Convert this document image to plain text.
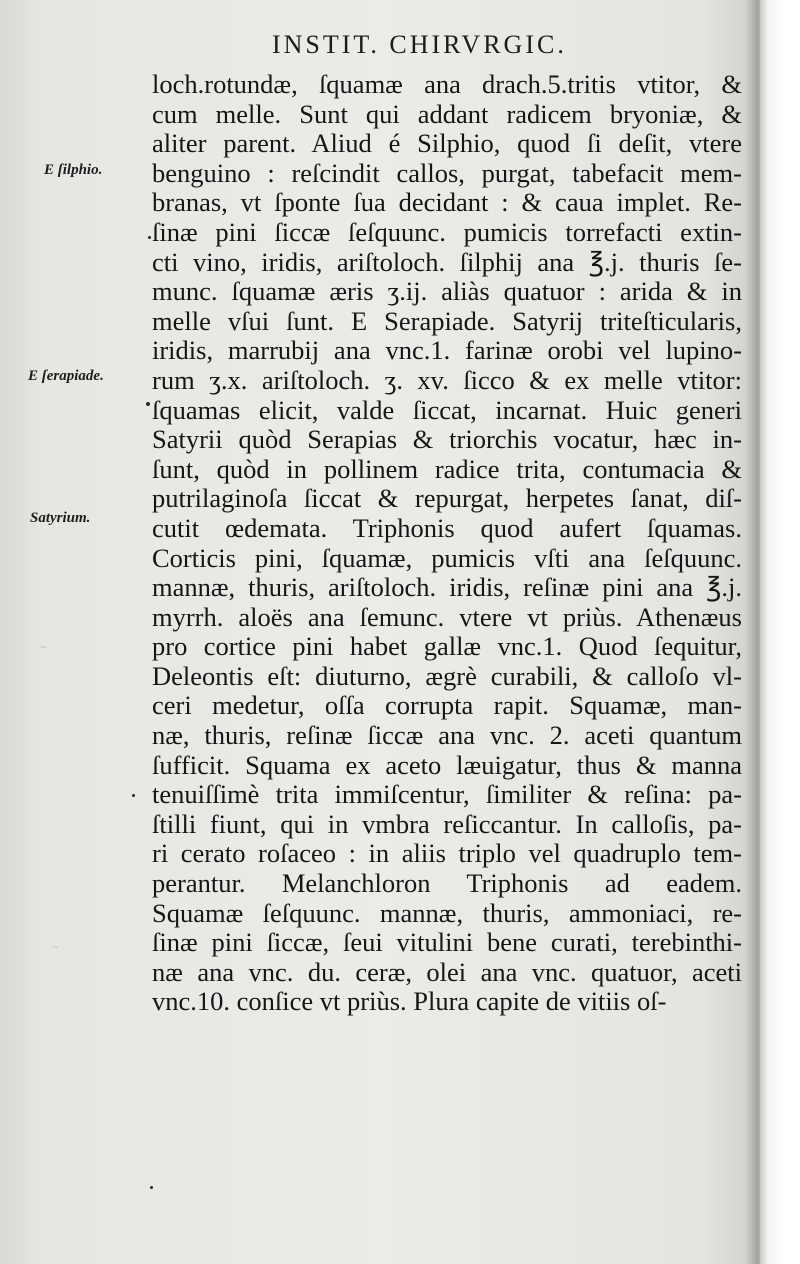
INSTIT. CHIRVRGIC.
E ſilphio.
E ſerapiade.
Satyrium.
loch.rotundæ, ſquamæ ana drach.5.tritis vtitor, &
cum melle. Sunt qui addant radicem bryoniæ, &
aliter parent. Aliud é Silphio, quod ſi deſit, vtere
benguino : reſcindit callos, purgat, tabefacit mem-
branas, vt ſponte ſua decidant : & caua implet. Re-
ſinæ pini ſiccæ ſeſquunc. pumicis torrefacti extin-
cti vino, iridis, ariſtoloch. ſilphij ana ℥.j. thuris ſe-
munc. ſquamæ æris ʒ.ij. aliàs quatuor : arida & in
melle vſui ſunt. E Serapiade. Satyrij triteſticularis,
iridis, marrubij ana vnc.1. farinæ orobi vel lupino-
rum ʒ.x. ariſtoloch. ʒ. xv. ſicco & ex melle vtitor:
ſquamas elicit, valde ſiccat, incarnat. Huic generi
Satyrii quòd Serapias & triorchis vocatur, hæc in-
ſunt, quòd in pollinem radice trita, contumacia &
putrilaginoſa ſiccat & repurgat, herpetes ſanat, diſ-
cutit œdemata. Triphonis quod aufert ſquamas.
Corticis pini, ſquamæ, pumicis vſti ana ſeſquunc.
mannæ, thuris, ariſtoloch. iridis, reſinæ pini ana ℥.j.
myrrh. aloës ana ſemunc. vtere vt priùs. Athenæus
pro cortice pini habet gallæ vnc.1. Quod ſequitur,
Deleontis eſt: diuturno, ægrè curabili, & calloſo vl-
ceri medetur, oſſa corrupta rapit. Squamæ, man-
næ, thuris, reſinæ ſiccæ ana vnc. 2. aceti quantum
ſufficit. Squama ex aceto læuigatur, thus & manna
tenuiſſimè trita immiſcentur, ſimiliter & reſina: pa-
ſtilli fiunt, qui in vmbra reſiccantur. In calloſis, pa-
ri cerato roſaceo : in aliis triplo vel quadruplo tem-
perantur. Melanchloron Triphonis ad eadem.
Squamæ ſeſquunc. mannæ, thuris, ammoniaci, re-
ſinæ pini ſiccæ, ſeui vitulini bene curati, terebinthi-
næ ana vnc. du. ceræ, olei ana vnc. quatuor, aceti
vnc.10. conſice vt priùs. Plura capite de vitiis oſ-
~
~
